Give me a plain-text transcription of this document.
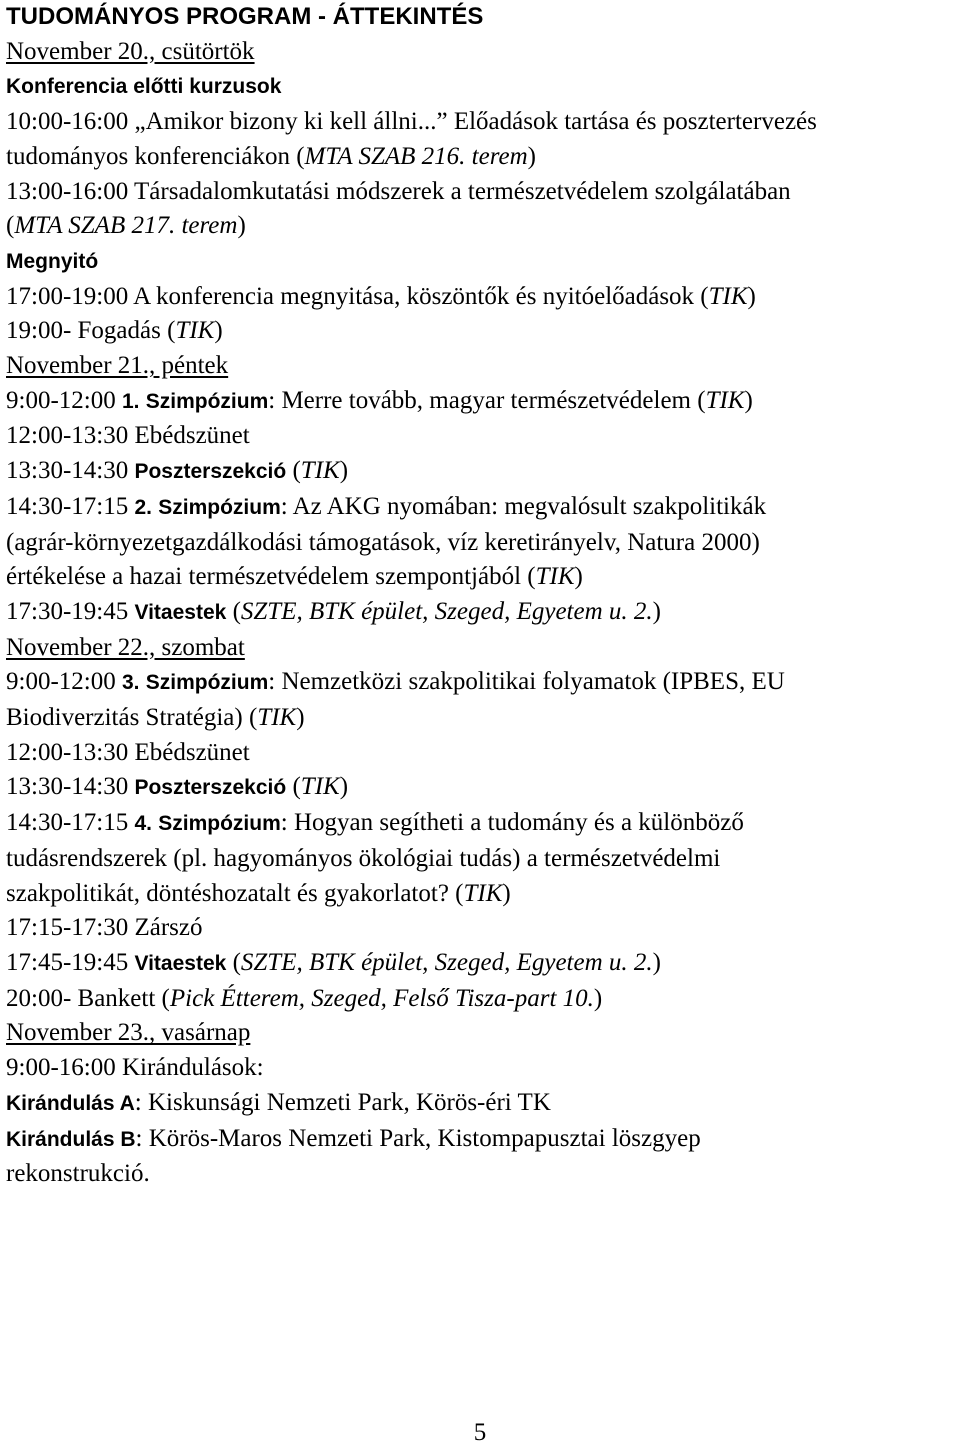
TUDOMÁNYOS PROGRAM - ÁTTEKINTÉS
November 20., csütörtök
Konferencia előtti kurzusok
10:00-16:00 „Amikor bizony ki kell állni...” Előadások tartása és posztertervezés
tudományos konferenciákon (MTA SZAB 216. terem)
13:00-16:00 Társadalomkutatási módszerek a természetvédelem szolgálatában
(MTA SZAB 217. terem)
Megnyitó
17:00-19:00 A konferencia megnyitása, köszöntők és nyitóelőadások (TIK)
19:00- Fogadás (TIK)
November 21., péntek
9:00-12:00 1. Szimpózium: Merre tovább, magyar természetvédelem (TIK)
12:00-13:30 Ebédszünet
13:30-14:30 Poszterszekció (TIK)
14:30-17:15 2. Szimpózium: Az AKG nyomában: megvalósult szakpolitikák
(agrár-környezetgazdálkodási támogatások, víz keretirányelv, Natura 2000)
értékelése a hazai természetvédelem szempontjából (TIK)
17:30-19:45 Vitaestek (SZTE, BTK épület, Szeged, Egyetem u. 2.)
November 22., szombat
9:00-12:00 3. Szimpózium: Nemzetközi szakpolitikai folyamatok (IPBES, EU
Biodiverzitás Stratégia) (TIK)
12:00-13:30 Ebédszünet
13:30-14:30 Poszterszekció (TIK)
14:30-17:15 4. Szimpózium: Hogyan segítheti a tudomány és a különböző
tudásrendszerek (pl. hagyományos ökológiai tudás) a természetvédelmi
szakpolitikát, döntéshozatalt és gyakorlatot? (TIK)
17:15-17:30 Zárszó
17:45-19:45 Vitaestek (SZTE, BTK épület, Szeged, Egyetem u. 2.)
20:00- Bankett (Pick Étterem, Szeged, Felső Tisza-part 10.)
November 23., vasárnap
9:00-16:00 Kirándulások:
Kirándulás A: Kiskunsági Nemzeti Park, Körös-éri TK
Kirándulás B: Körös-Maros Nemzeti Park, Kistompapusztai löszgyep
rekonstrukció.
5
